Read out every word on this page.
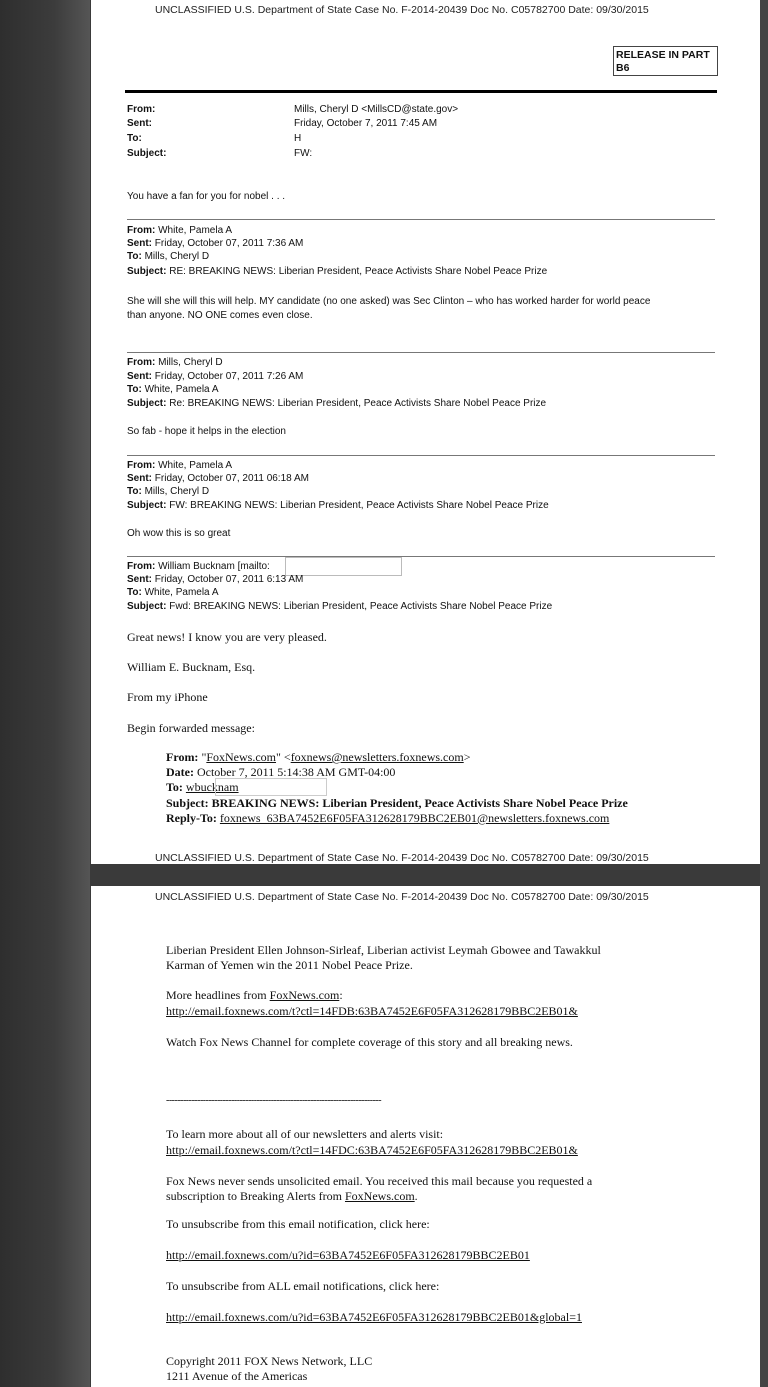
UNCLASSIFIED U.S. Department of State Case No. F-2014-20439 Doc No. C05782700 Date: 09/30/2015
RELEASE IN PART
B6
From:
Sent:
To:
Subject:
Mills, Cheryl D <MillsCD@state.gov>
Friday, October 7, 2011 7:45 AM
H
FW:
You have a fan for you for nobel . . .
From: White, Pamela A
Sent: Friday, October 07, 2011 7:36 AM
To: Mills, Cheryl D
Subject: RE: BREAKING NEWS: Liberian President, Peace Activists Share Nobel Peace Prize
She will she will this will help. MY candidate (no one asked) was Sec Clinton – who has worked harder for world peace
than anyone. NO ONE comes even close.
From: Mills, Cheryl D
Sent: Friday, October 07, 2011 7:26 AM
To: White, Pamela A
Subject: Re: BREAKING NEWS: Liberian President, Peace Activists Share Nobel Peace Prize
So fab - hope it helps in the election
From: White, Pamela A
Sent: Friday, October 07, 2011 06:18 AM
To: Mills, Cheryl D
Subject: FW: BREAKING NEWS: Liberian President, Peace Activists Share Nobel Peace Prize
Oh wow this is so great
From: William Bucknam [mailto:
Sent: Friday, October 07, 2011 6:13 AM
To: White, Pamela A
Subject: Fwd: BREAKING NEWS: Liberian President, Peace Activists Share Nobel Peace Prize
Great news! I know you are very pleased.
William E. Bucknam, Esq.
From my iPhone
Begin forwarded message:
From: "FoxNews.com" <foxnews@newsletters.foxnews.com>
Date: October 7, 2011 5:14:38 AM GMT-04:00
To: wbucknam
Subject: BREAKING NEWS: Liberian President, Peace Activists Share Nobel Peace Prize
Reply-To: foxnews_63BA7452E6F05FA312628179BBC2EB01@newsletters.foxnews.com
UNCLASSIFIED U.S. Department of State Case No. F-2014-20439 Doc No. C05782700 Date: 09/30/2015
UNCLASSIFIED U.S. Department of State Case No. F-2014-20439 Doc No. C05782700 Date: 09/30/2015
Liberian President Ellen Johnson-Sirleaf, Liberian activist Leymah Gbowee and Tawakkul
Karman of Yemen win the 2011 Nobel Peace Prize.
More headlines from FoxNews.com:
http://email.foxnews.com/t?ctl=14FDB:63BA7452E6F05FA312628179BBC2EB01&
Watch Fox News Channel for complete coverage of this story and all breaking news.
----------------------------------------------------------------------------
To learn more about all of our newsletters and alerts visit:
http://email.foxnews.com/t?ctl=14FDC:63BA7452E6F05FA312628179BBC2EB01&
Fox News never sends unsolicited email. You received this mail because you requested a
subscription to Breaking Alerts from FoxNews.com.
To unsubscribe from this email notification, click here:
http://email.foxnews.com/u?id=63BA7452E6F05FA312628179BBC2EB01
To unsubscribe from ALL email notifications, click here:
http://email.foxnews.com/u?id=63BA7452E6F05FA312628179BBC2EB01&global=1
Copyright 2011 FOX News Network, LLC
1211 Avenue of the Americas
